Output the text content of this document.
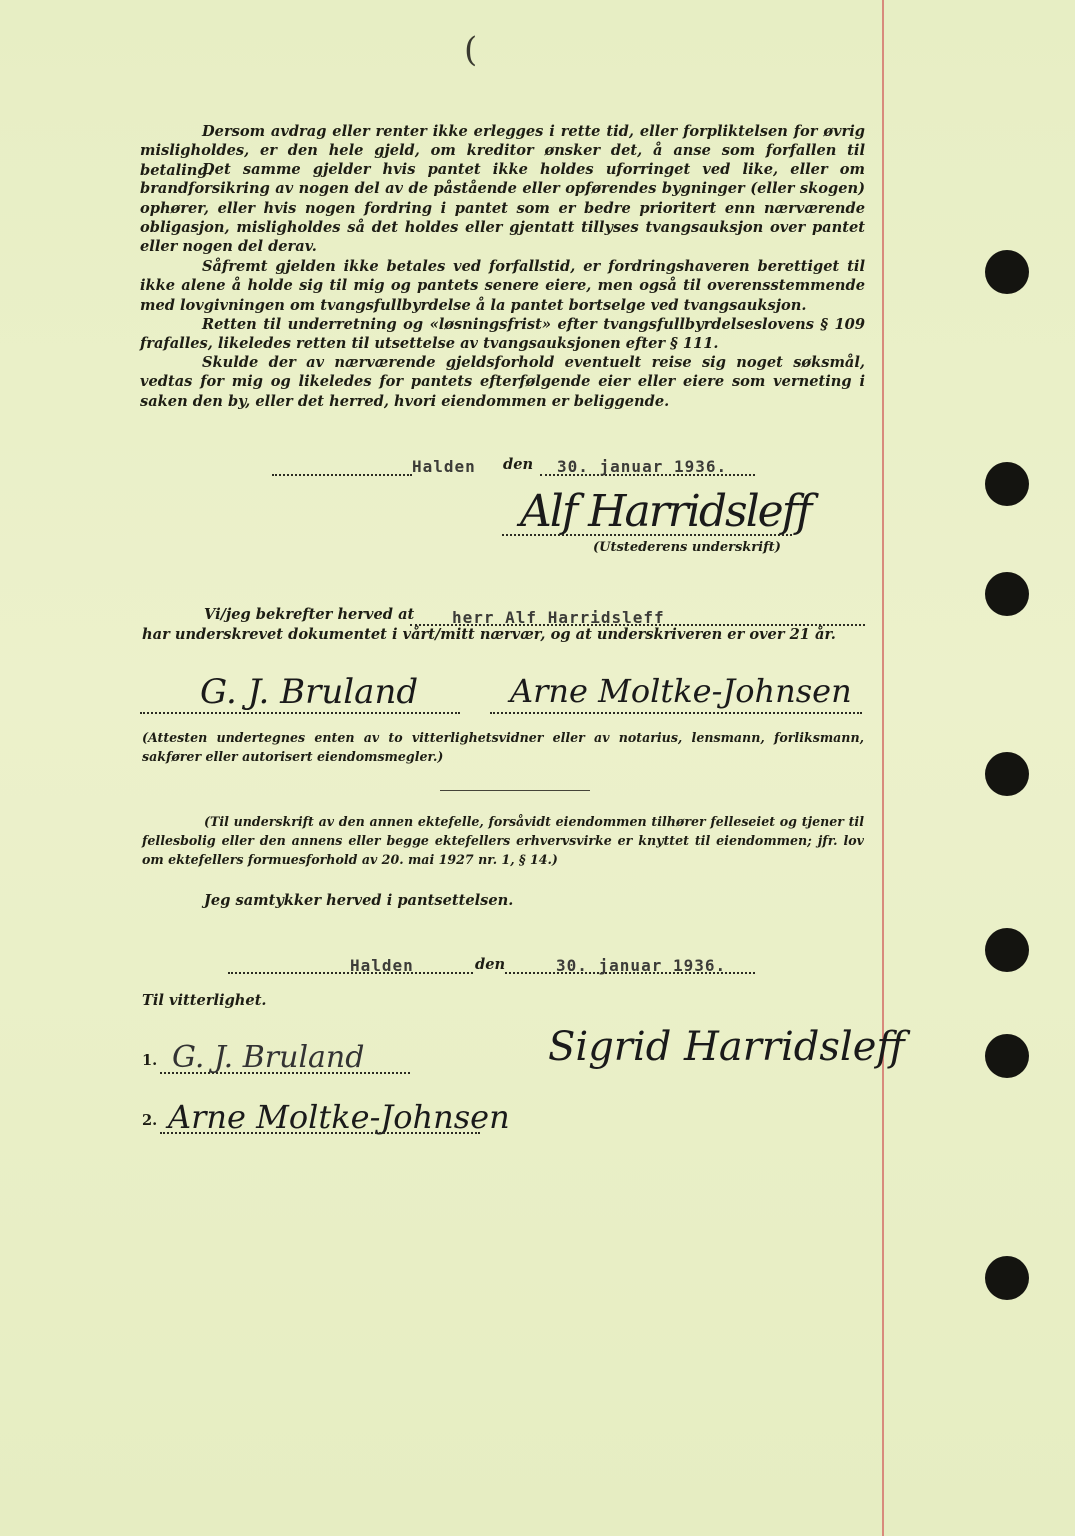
(

Dersom avdrag eller renter ikke erlegges i rette tid, eller forpliktelsen for øvrig misligholdes, er den hele gjeld, om kreditor ønsker det, å anse som forfallen til betaling.

Det samme gjelder hvis pantet ikke holdes uforringet ved like, eller om brandforsikring av nogen del av de påstående eller opførendes bygninger (eller skogen) ophører, eller hvis nogen fordring i pantet som er bedre prioritert enn nærværende obligasjon, misligholdes så det holdes eller gjentatt tillyses tvangsauksjon over pantet eller nogen del derav.

Såfremt gjelden ikke betales ved forfallstid, er fordringshaveren berettiget til ikke alene å holde sig til mig og pantets senere eiere, men også til overensstemmende med lovgivningen om tvangsfullbyrdelse å la pantet bortselge ved tvangsauksjon.

Retten til underretning og «løsningsfrist» efter tvangsfullbyrdelseslovens § 109 frafalles, likeledes retten til utsettelse av tvangsauksjonen efter § 111.

Skulde der av nærværende gjeldsforhold eventuelt reise sig noget søksmål, vedtas for mig og likeledes for pantets efterfølgende eier eller eiere som verneting i saken den by, eller det herred, hvori eiendommen er beliggende.

Halden den 30. januar 1936.
Alf Harridsleff
(Utstederens underskrift)
Vi/jeg bekrefter herved at herr Alf Harridsleff
har underskrevet dokumentet i vårt/mitt nærvær, og at underskriveren er over 21 år.
G. J. Bruland	Arne Moltke-Johnsen

(Attesten undertegnes enten av to vitterlighetsvidner eller av notarius, lensmann, forliksmann, sakfører eller autorisert eiendomsmegler.)

(Til underskrift av den annen ektefelle, forsåvidt eiendommen tilhører felleseiet og tjener til fellesbolig eller den annens eller begge ektefellers erhvervsvirke er knyttet til eiendommen; jfr. lov om ektefellers formuesforhold av 20. mai 1927 nr. 1, § 14.)

Jeg samtykker herved i pantsettelsen.
Halden	den	30. januar 1936.
Til vitterlighet.
1. G. J. Bruland	Sigrid Harridsleff
2. Arne Moltke-Johnsen
